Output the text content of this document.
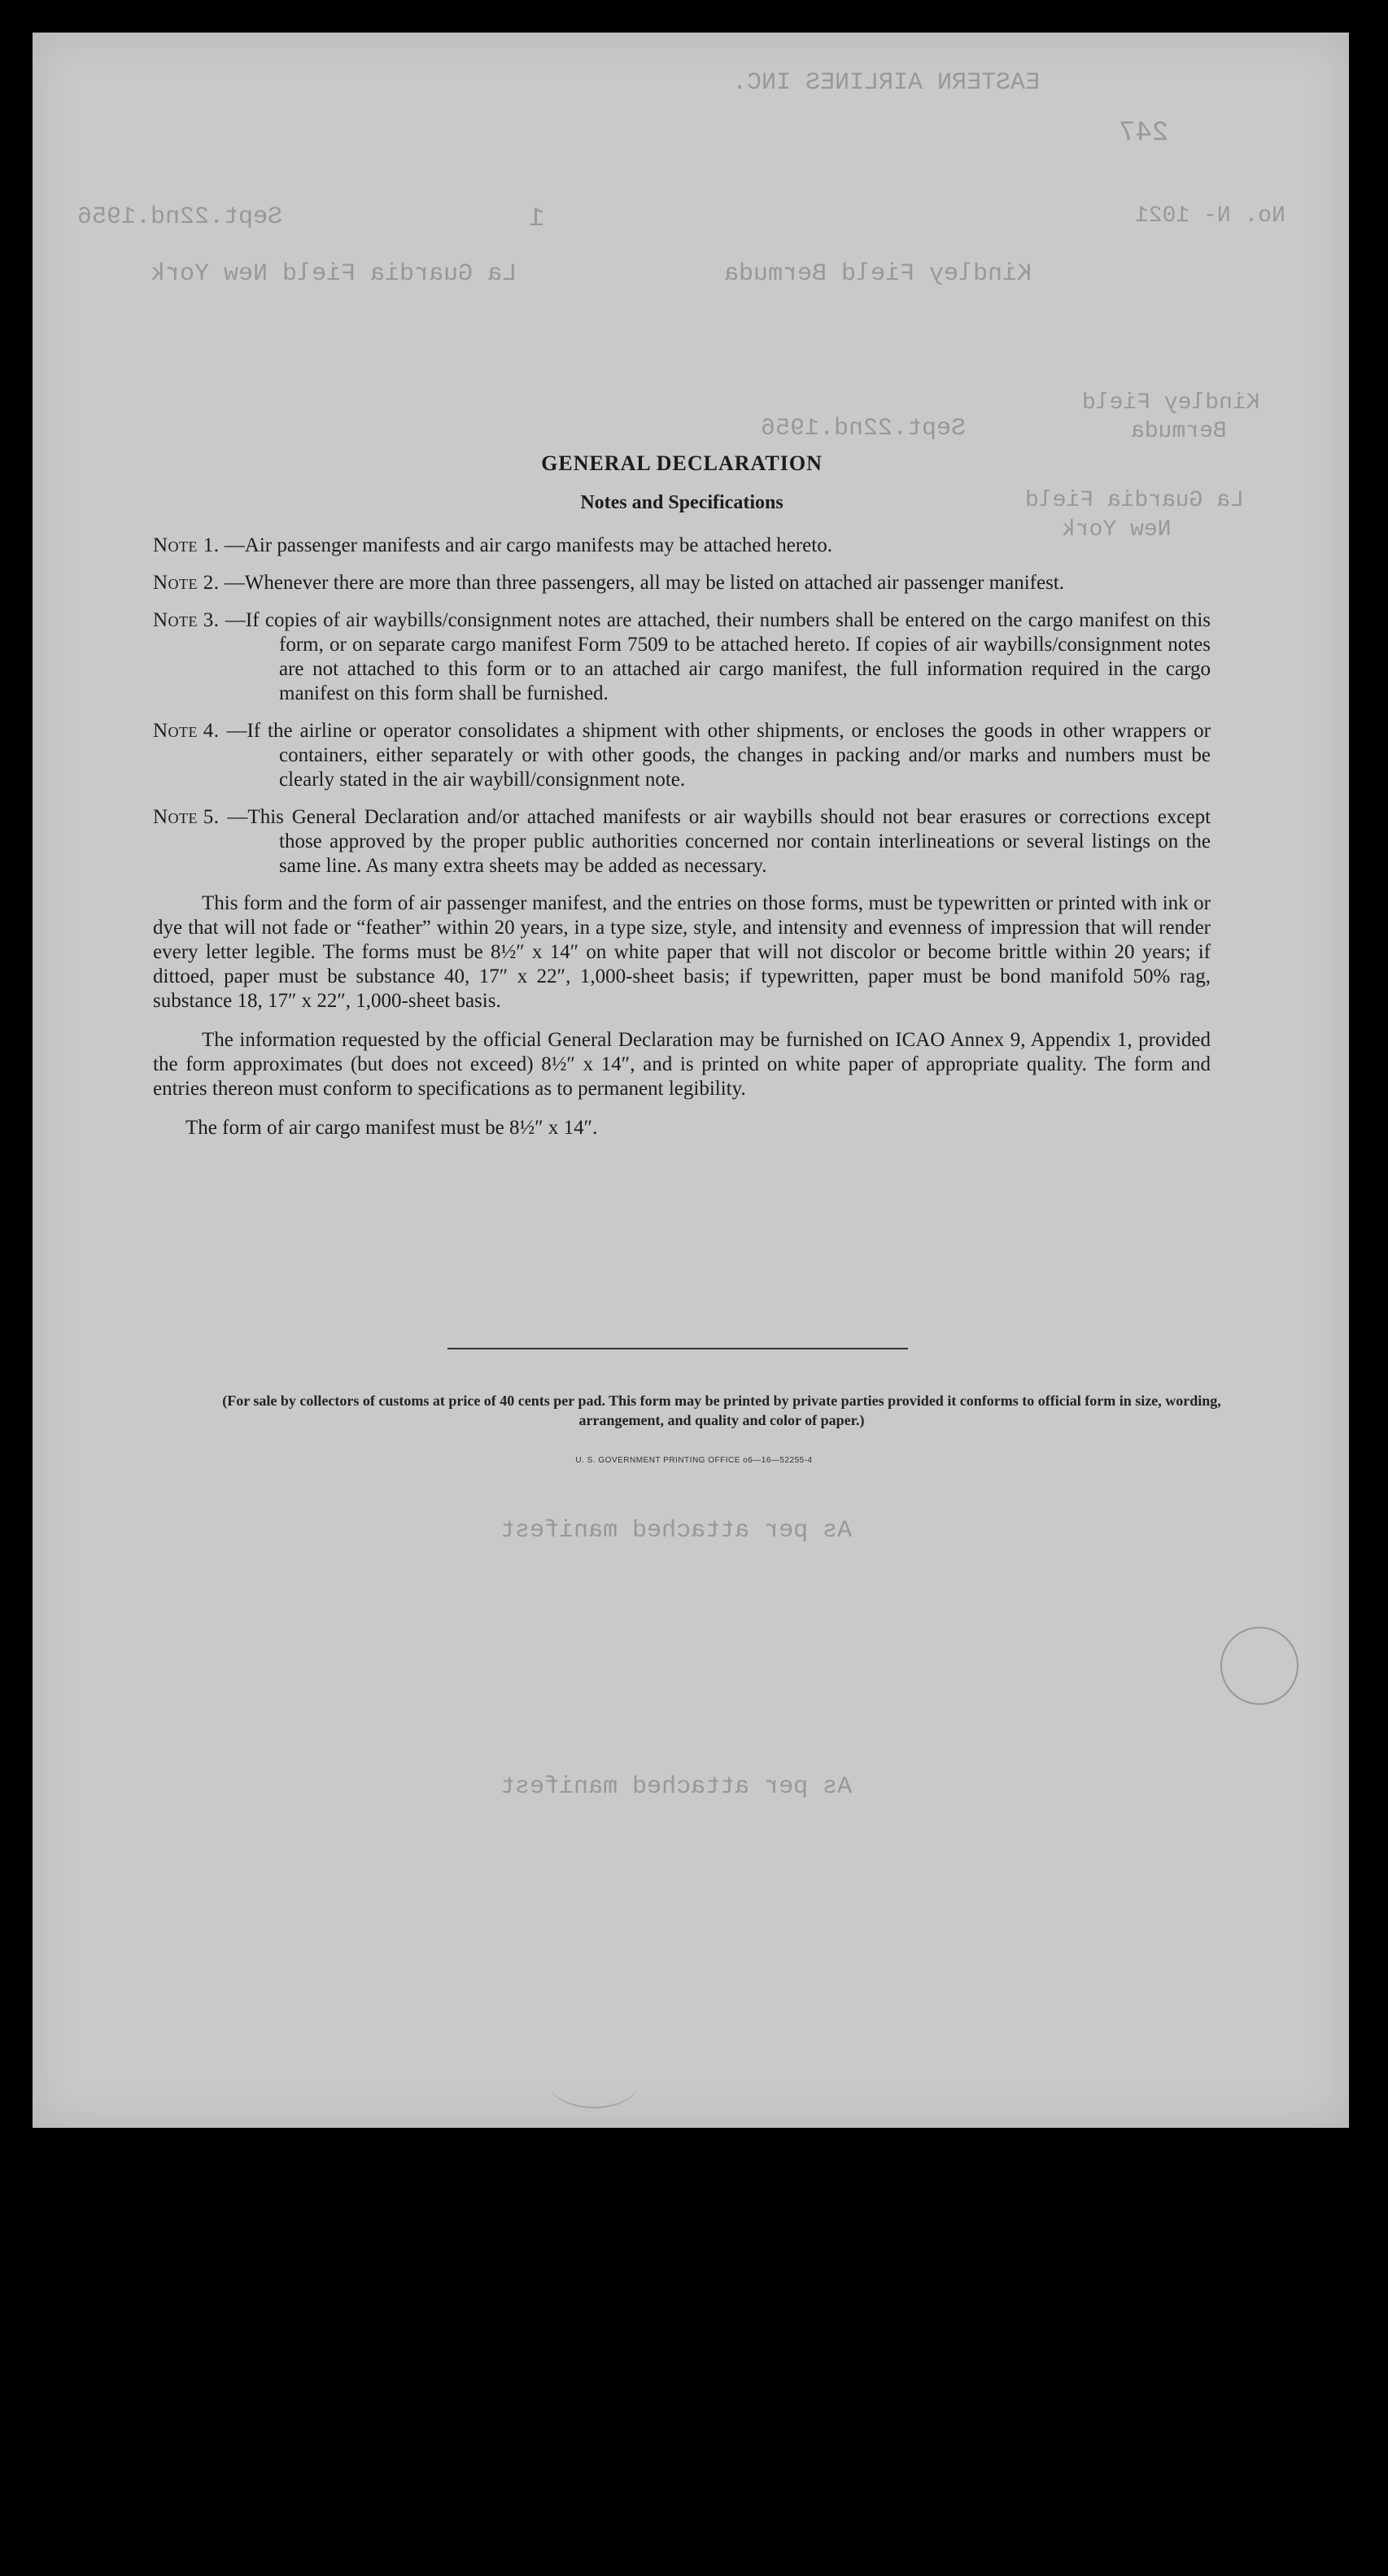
EASTERN AIRLINES INC.
247
Sept.22nd.1956	1	No. N- 1021
La Guardia Field New York	Kindley Field Bermuda
Sept.22nd.1956
Kindley Field
Bermuda
La Guardia Field
New York
As per attached manifest
As per attached manifest
GENERAL DECLARATION
Notes and Specifications
Note 1. —Air passenger manifests and air cargo manifests may be attached hereto.
Note 2. —Whenever there are more than three passengers, all may be listed on attached air passenger manifest.
Note 3. —If copies of air waybills/consignment notes are attached, their numbers shall be entered on the cargo manifest on this form, or on separate cargo manifest Form 7509 to be attached hereto. If copies of air waybills/consignment notes are not attached to this form or to an attached air cargo manifest, the full information required in the cargo manifest on this form shall be furnished.
Note 4. —If the airline or operator consolidates a shipment with other shipments, or encloses the goods in other wrappers or containers, either separately or with other goods, the changes in packing and/or marks and numbers must be clearly stated in the air waybill/consignment note.
Note 5. —This General Declaration and/or attached manifests or air waybills should not bear erasures or corrections except those approved by the proper public authorities concerned nor contain interlineations or several listings on the same line. As many extra sheets may be added as necessary.

This form and the form of air passenger manifest, and the entries on those forms, must be typewritten or printed with ink or dye that will not fade or “feather” within 20 years, in a type size, style, and intensity and evenness of impression that will render every letter legible. The forms must be 8½″ x 14″ on white paper that will not discolor or become brittle within 20 years; if dittoed, paper must be substance 40, 17″ x 22″, 1,000-sheet basis; if typewritten, paper must be bond manifold 50% rag, substance 18, 17″ x 22″, 1,000-sheet basis.

The information requested by the official General Declaration may be furnished on ICAO Annex 9, Appendix 1, provided the form approximates (but does not exceed) 8½″ x 14″, and is printed on white paper of appropriate quality. The form and entries thereon must conform to specifications as to permanent legibility.

The form of air cargo manifest must be 8½″ x 14″.

(For sale by collectors of customs at price of 40 cents per pad. This form may be printed by private parties provided it conforms to official form in size, wording, arrangement, and quality and color of paper.)
U. S. GOVERNMENT PRINTING OFFICE o6—16—52255-4
